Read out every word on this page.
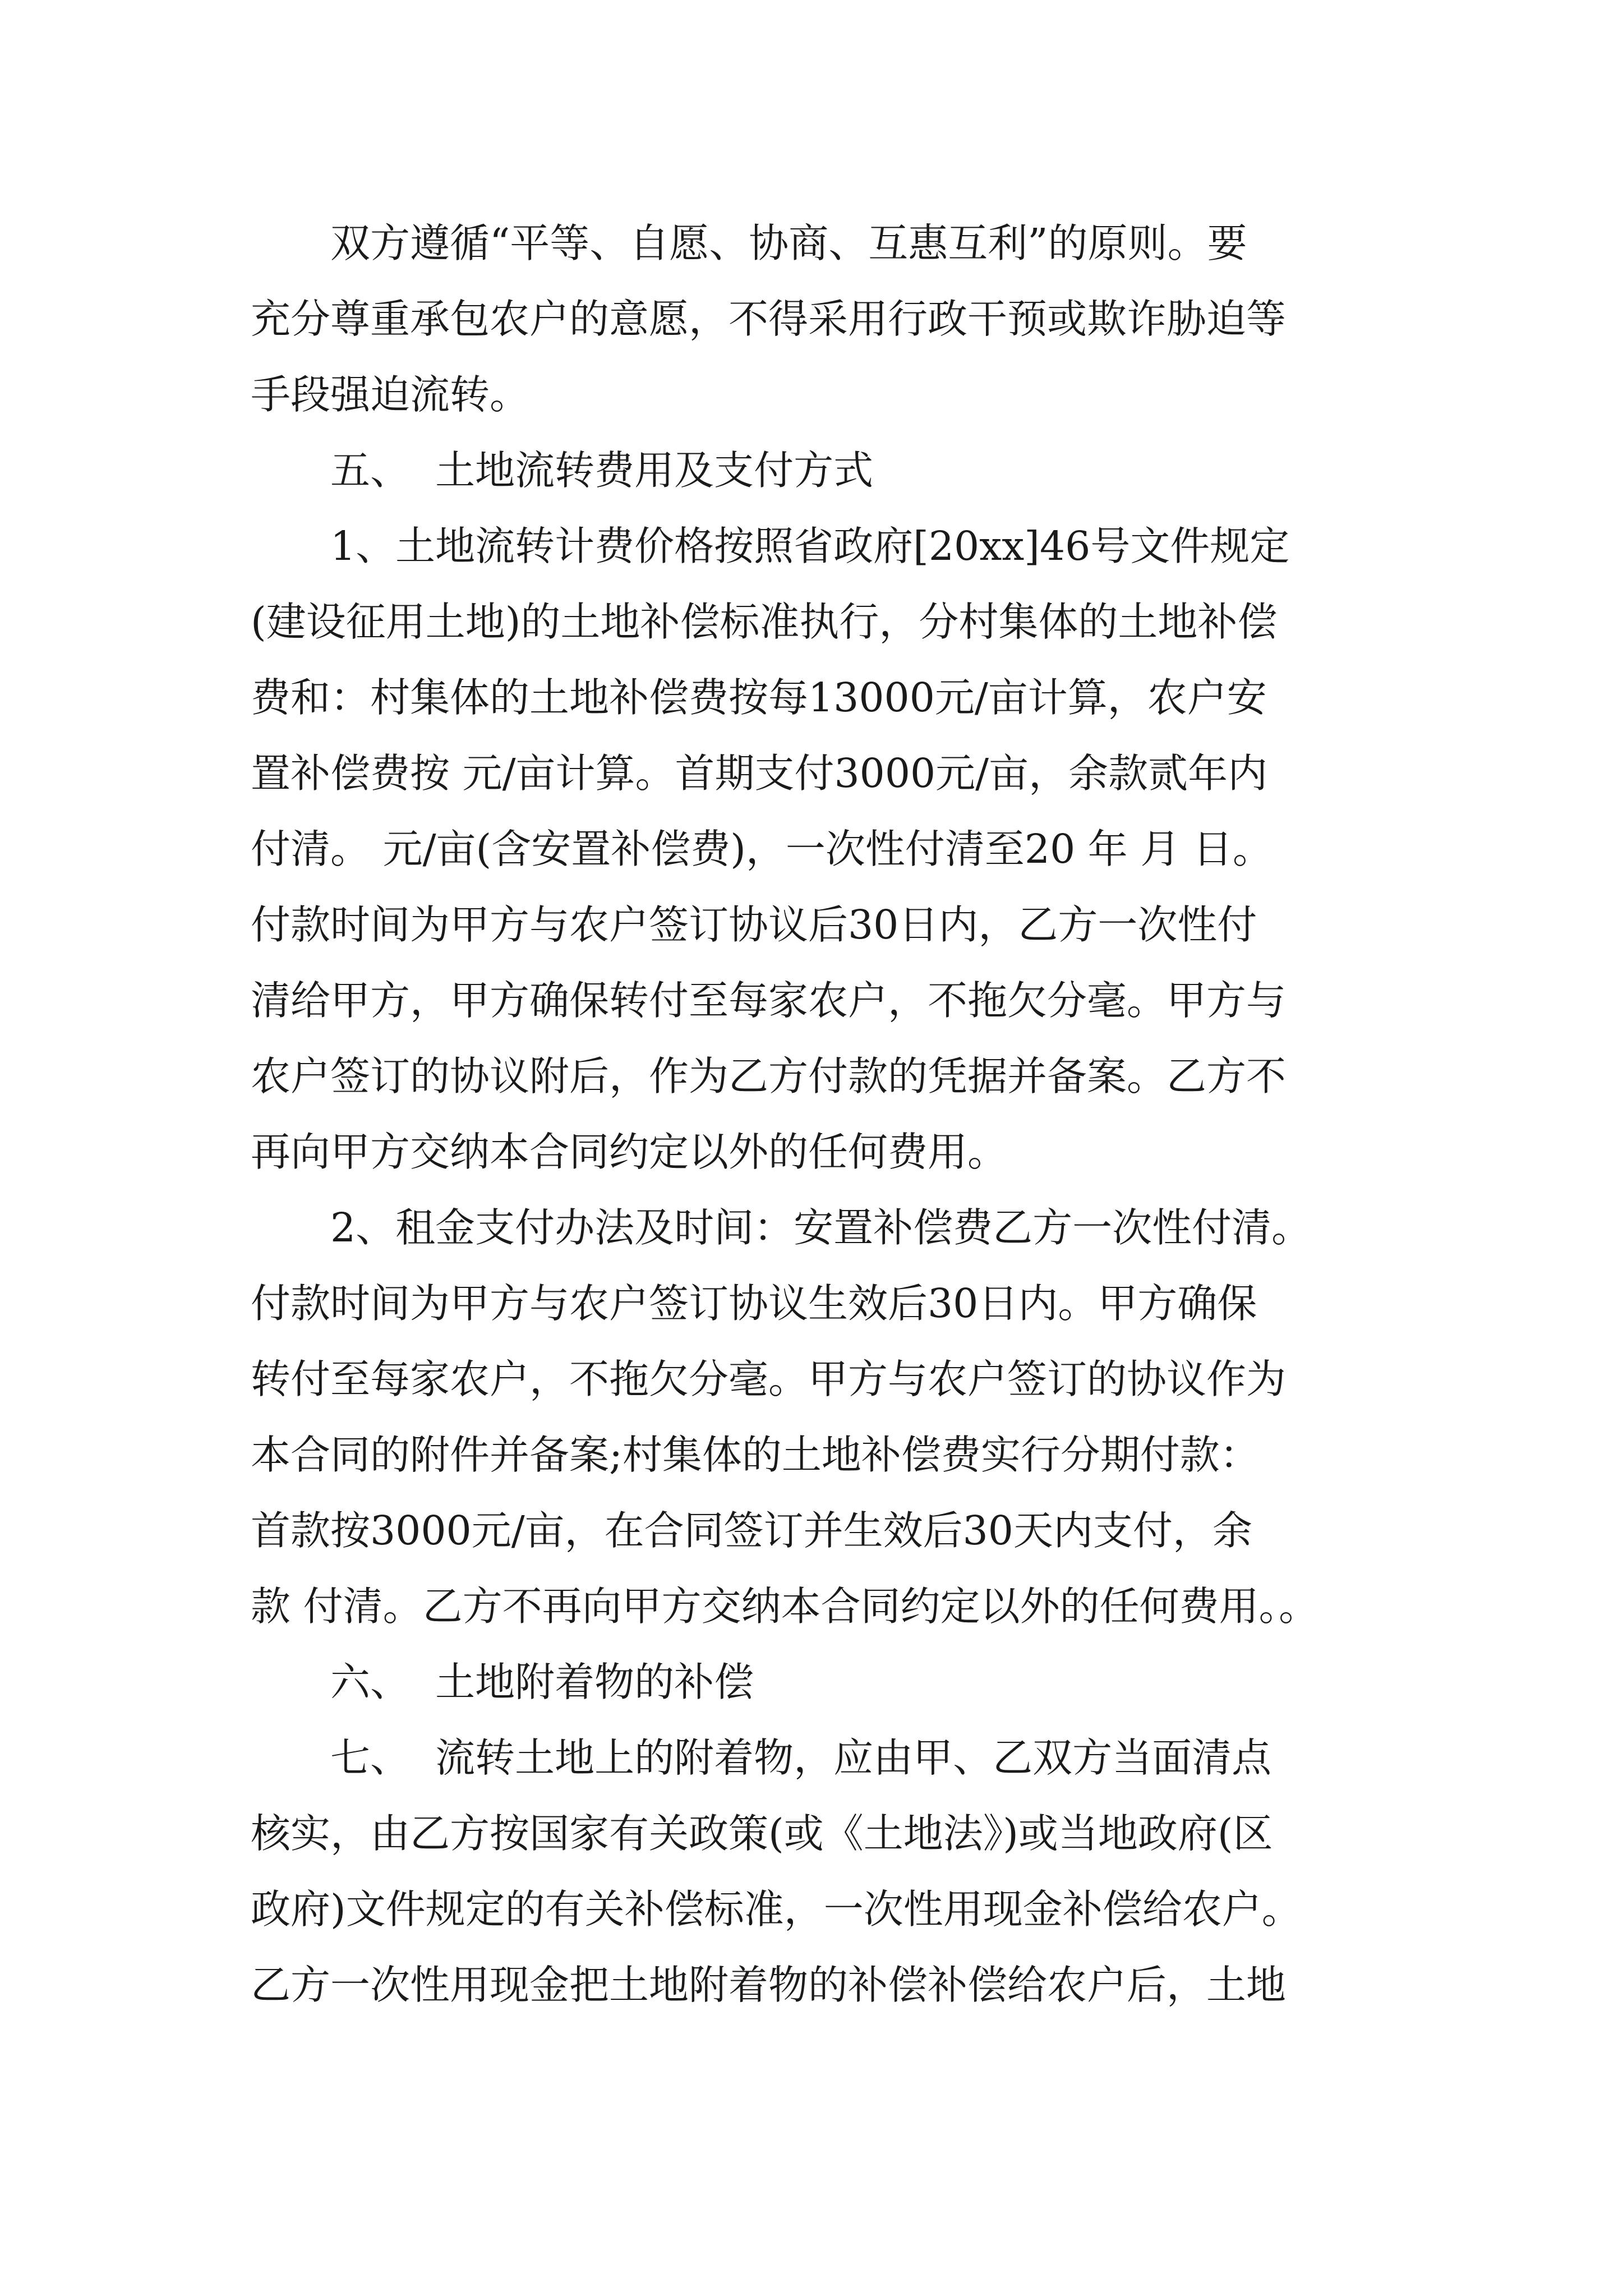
双方遵循“平等、自愿、协商、互惠互利”的原则。要
充分尊重承包农户的意愿，不得采用行政干预或欺诈胁迫等
手段强迫流转。
五、  土地流转费用及支付方式
1、土地流转计费价格按照省政府[20xx]46号文件规定
(建设征用土地)的土地补偿标准执行，分村集体的土地补偿
费和：村集体的土地补偿费按每13000元/亩计算，农户安
置补偿费按 元/亩计算。首期支付3000元/亩，余款贰年内
付清。 元/亩(含安置补偿费)，一次性付清至20 年 月 日。
付款时间为甲方与农户签订协议后30日内，乙方一次性付
清给甲方，甲方确保转付至每家农户，不拖欠分毫。甲方与
农户签订的协议附后，作为乙方付款的凭据并备案。乙方不
再向甲方交纳本合同约定以外的任何费用。
2、租金支付办法及时间：安置补偿费乙方一次性付清。
付款时间为甲方与农户签订协议生效后30日内。甲方确保
转付至每家农户，不拖欠分毫。甲方与农户签订的协议作为
本合同的附件并备案;村集体的土地补偿费实行分期付款：
首款按3000元/亩，在合同签订并生效后30天内支付，余
款 付清。乙方不再向甲方交纳本合同约定以外的任何费用。。
六、  土地附着物的补偿
七、  流转土地上的附着物，应由甲、乙双方当面清点
核实，由乙方按国家有关政策(或《土地法》)或当地政府(区
政府)文件规定的有关补偿标准，一次性用现金补偿给农户。
乙方一次性用现金把土地附着物的补偿补偿给农户后，土地
